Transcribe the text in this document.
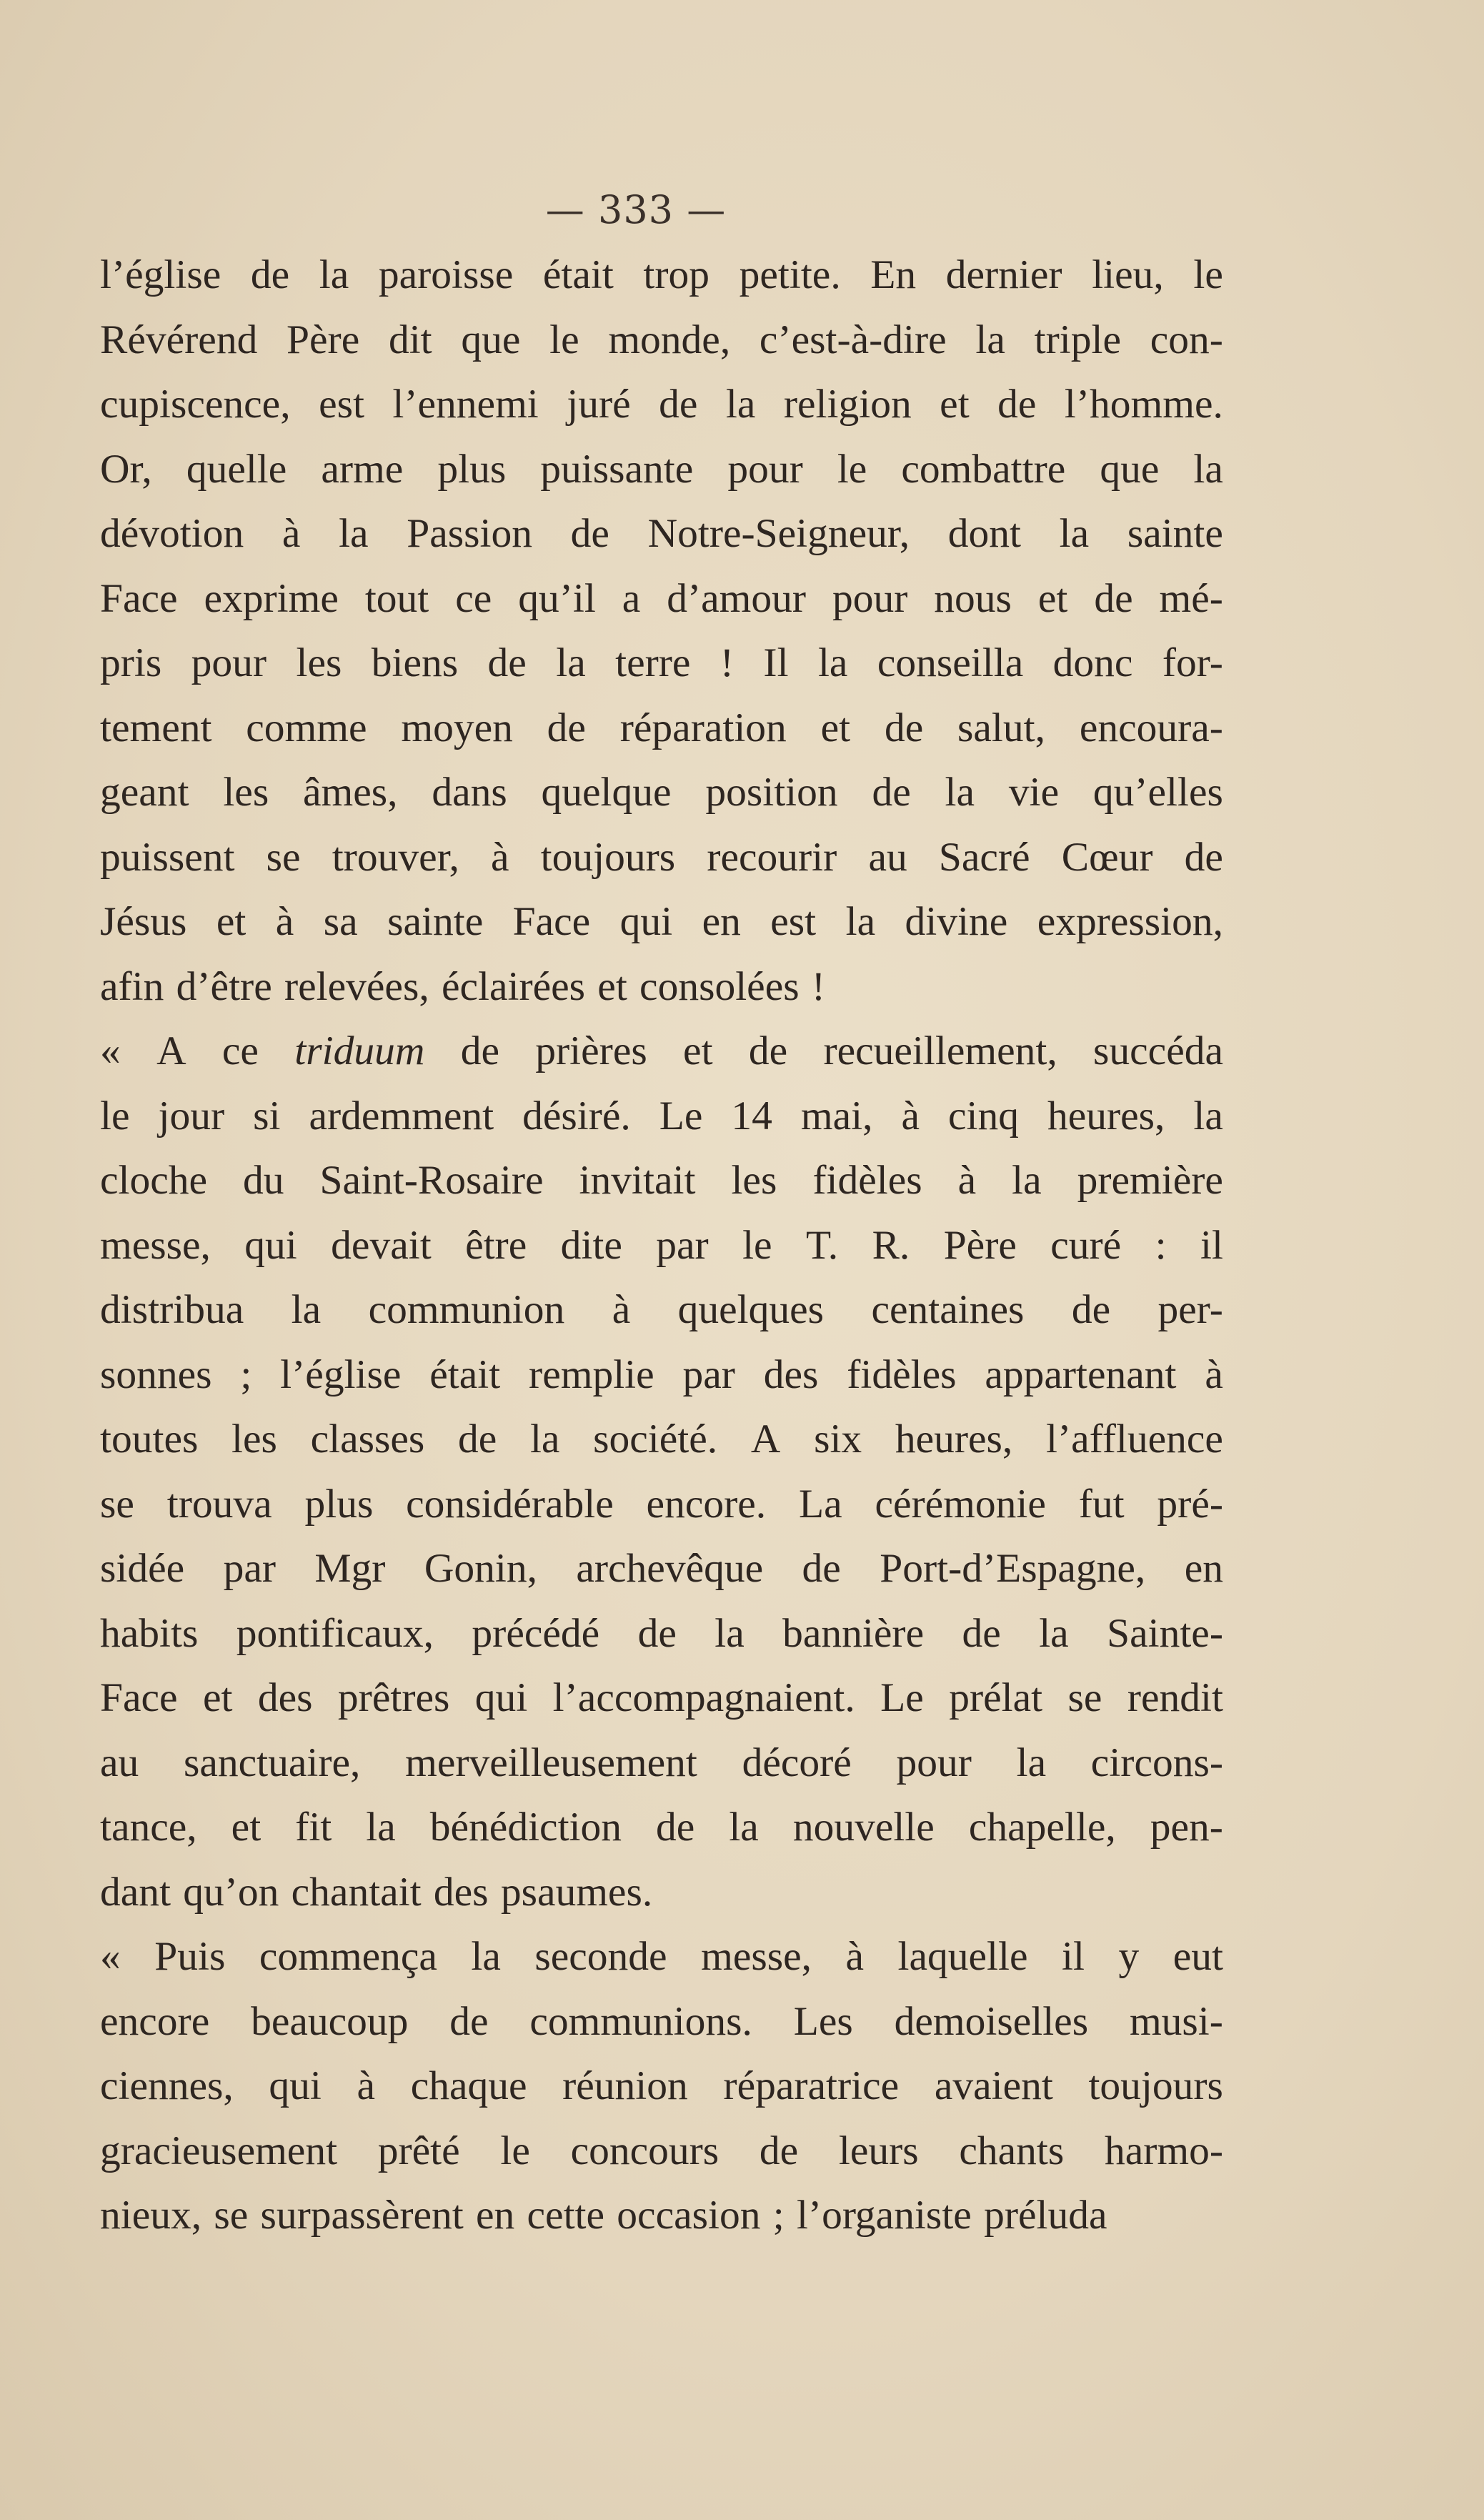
— 333 —
l’église de la paroisse était trop petite. En dernier lieu, le
Révérend Père dit que le monde, c’est-à-dire la triple con-
cupiscence, est l’ennemi juré de la religion et de l’homme.
Or, quelle arme plus puissante pour le combattre que la
dévotion à la Passion de Notre-Seigneur, dont la sainte
Face exprime tout ce qu’il a d’amour pour nous et de mé-
pris pour les biens de la terre ! Il la conseilla donc for-
tement comme moyen de réparation et de salut, encoura-
geant les âmes, dans quelque position de la vie qu’elles
puissent se trouver, à toujours recourir au Sacré Cœur de
Jésus et à sa sainte Face qui en est la divine expression,
afin d’être relevées, éclairées et consolées !
« A ce triduum de prières et de recueillement, succéda
le jour si ardemment désiré. Le 14 mai, à cinq heures, la
cloche du Saint-Rosaire invitait les fidèles à la première
messe, qui devait être dite par le T. R. Père curé : il
distribua la communion à quelques centaines de per-
sonnes ; l’église était remplie par des fidèles appartenant à
toutes les classes de la société. A six heures, l’affluence
se trouva plus considérable encore. La cérémonie fut pré-
sidée par Mgr Gonin, archevêque de Port-d’Espagne, en
habits pontificaux, précédé de la bannière de la Sainte-
Face et des prêtres qui l’accompagnaient. Le prélat se rendit
au sanctuaire, merveilleusement décoré pour la circons-
tance, et fit la bénédiction de la nouvelle chapelle, pen-
dant qu’on chantait des psaumes.
« Puis commença la seconde messe, à laquelle il y eut
encore beaucoup de communions. Les demoiselles musi-
ciennes, qui à chaque réunion réparatrice avaient toujours
gracieusement prêté le concours de leurs chants harmo-
nieux, se surpassèrent en cette occasion ; l’organiste préluda
